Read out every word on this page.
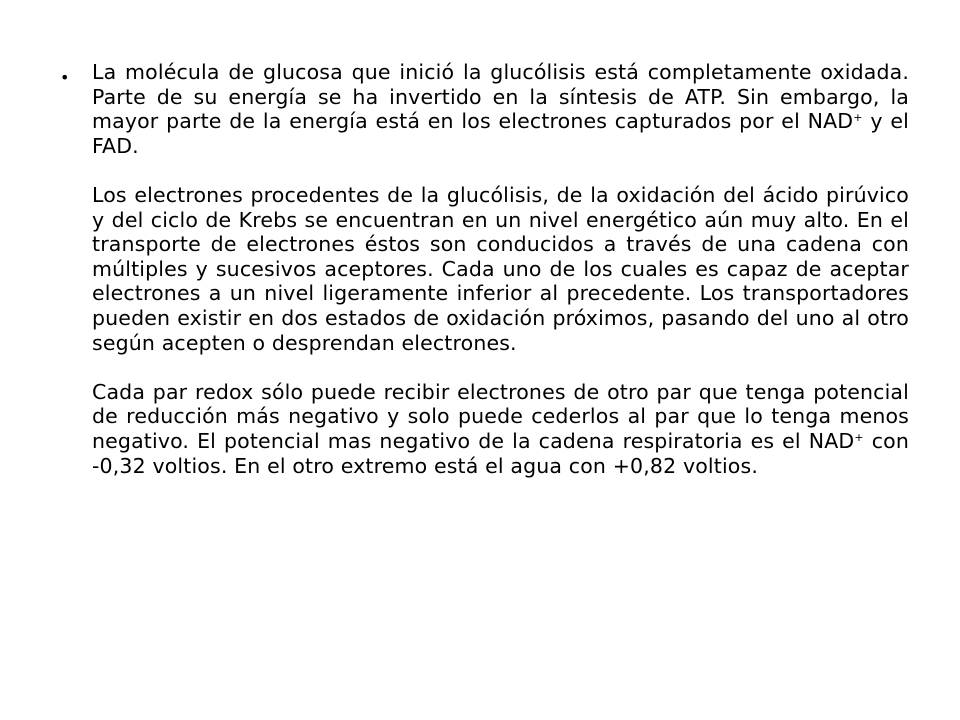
• La molécula de glucosa que inició la glucólisis está completamente oxidada. Parte de su energía se ha invertido en la síntesis de ATP. Sin embargo, la mayor parte de la energía está en los electrones capturados por el NAD+ y el FAD.

Los electrones procedentes de la glucólisis, de la oxidación del ácido pirúvico y del ciclo de Krebs se encuentran en un nivel energético aún muy alto. En el transporte de electrones éstos son conducidos a través de una cadena con múltiples y sucesivos aceptores. Cada uno de los cuales es capaz de aceptar electrones a un nivel ligeramente inferior al precedente. Los transportadores pueden existir en dos estados de oxidación próximos, pasando del uno al otro según acepten o desprendan electrones.

Cada par redox sólo puede recibir electrones de otro par que tenga potencial de reducción más negativo y solo puede cederlos al par que lo tenga menos negativo. El potencial mas negativo de la cadena respiratoria es el NAD+ con -0,32 voltios. En el otro extremo está el agua con +0,82 voltios.
